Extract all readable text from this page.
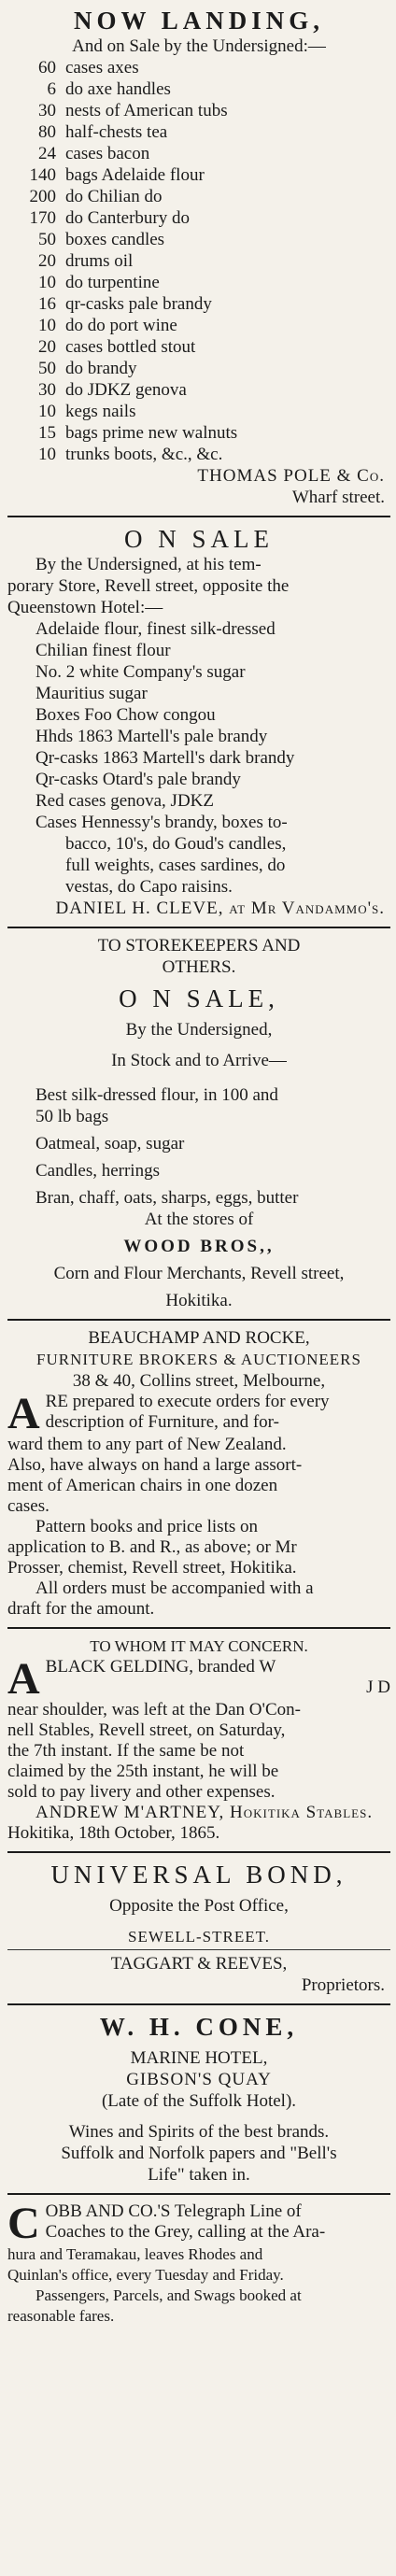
NOW LANDING,
And on Sale by the Undersigned:—
60 cases axes
6 do axe handles
30 nests of American tubs
80 half-chests tea
24 cases bacon
140 bags Adelaide flour
200 do Chilian do
170 do Canterbury do
50 boxes candles
20 drums oil
10 do turpentine
16 qr-casks pale brandy
10 do do port wine
20 cases bottled stout
50 do brandy
30 do JDKZ genova
10 kegs nails
15 bags prime new walnuts
10 trunks boots, &c., &c.
THOMAS POLE & Co.
Wharf street.
O N SALE
By the Undersigned, at his tem-
porary Store, Revell street, opposite the
Queenstown Hotel:—
Adelaide flour, finest silk-dressed
Chilian finest flour
No. 2 white Company's sugar
Mauritius sugar
Boxes Foo Chow congou
Hhds 1863 Martell's pale brandy
Qr-casks 1863 Martell's dark brandy
Qr-casks Otard's pale brandy
Red cases genova, JDKZ
Cases Hennessy's brandy, boxes to-
bacco, 10's, do Goud's candles,
full weights, cases sardines, do
vestas, do Capo raisins.
DANIEL H. CLEVE, at Mr Vandammo's.
TO STOREKEEPERS AND
OTHERS.
O N SALE,
By the Undersigned,
In Stock and to Arrive—
Best silk-dressed flour, in 100 and
50 lb bags
Oatmeal, soap, sugar
Candles, herrings
Bran, chaff, oats, sharps, eggs, butter
At the stores of
WOOD BROS,,
Corn and Flour Merchants, Revell street,
Hokitika.
BEAUCHAMP AND ROCKE,
FURNITURE BROKERS & AUCTIONEERS
38 & 40, Collins street, Melbourne,
A RE prepared to execute orders for every
description of Furniture, and for-
ward them to any part of New Zealand.
Also, have always on hand a large assort-
ment of American chairs in one dozen
cases.
Pattern books and price lists on
application to B. and R., as above; or Mr
Prosser, chemist, Revell street, Hokitika.
All orders must be accompanied with a
draft for the amount.
TO WHOM IT MAY CONCERN.
A BLACK GELDING, branded W
J D
near shoulder, was left at the Dan O'Con-
nell Stables, Revell street, on Saturday,
the 7th instant. If the same be not
claimed by the 25th instant, he will be
sold to pay livery and other expenses.
ANDREW M'ARTNEY, Hokitika Stables.
Hokitika, 18th October, 1865.
UNIVERSAL BOND,
Opposite the Post Office,
SEWELL-STREET.
TAGGART & REEVES,
Proprietors.
W. H. CONE,
MARINE HOTEL,
GIBSON'S QUAY
(Late of the Suffolk Hotel).
Wines and Spirits of the best brands.
Suffolk and Norfolk papers and "Bell's
Life" taken in.
C OBB AND CO.'S Telegraph Line of
Coaches to the Grey, calling at the Ara-
hura and Teramakau, leaves Rhodes and
Quinlan's office, every Tuesday and Friday.
Passengers, Parcels, and Swags booked at
reasonable fares.
